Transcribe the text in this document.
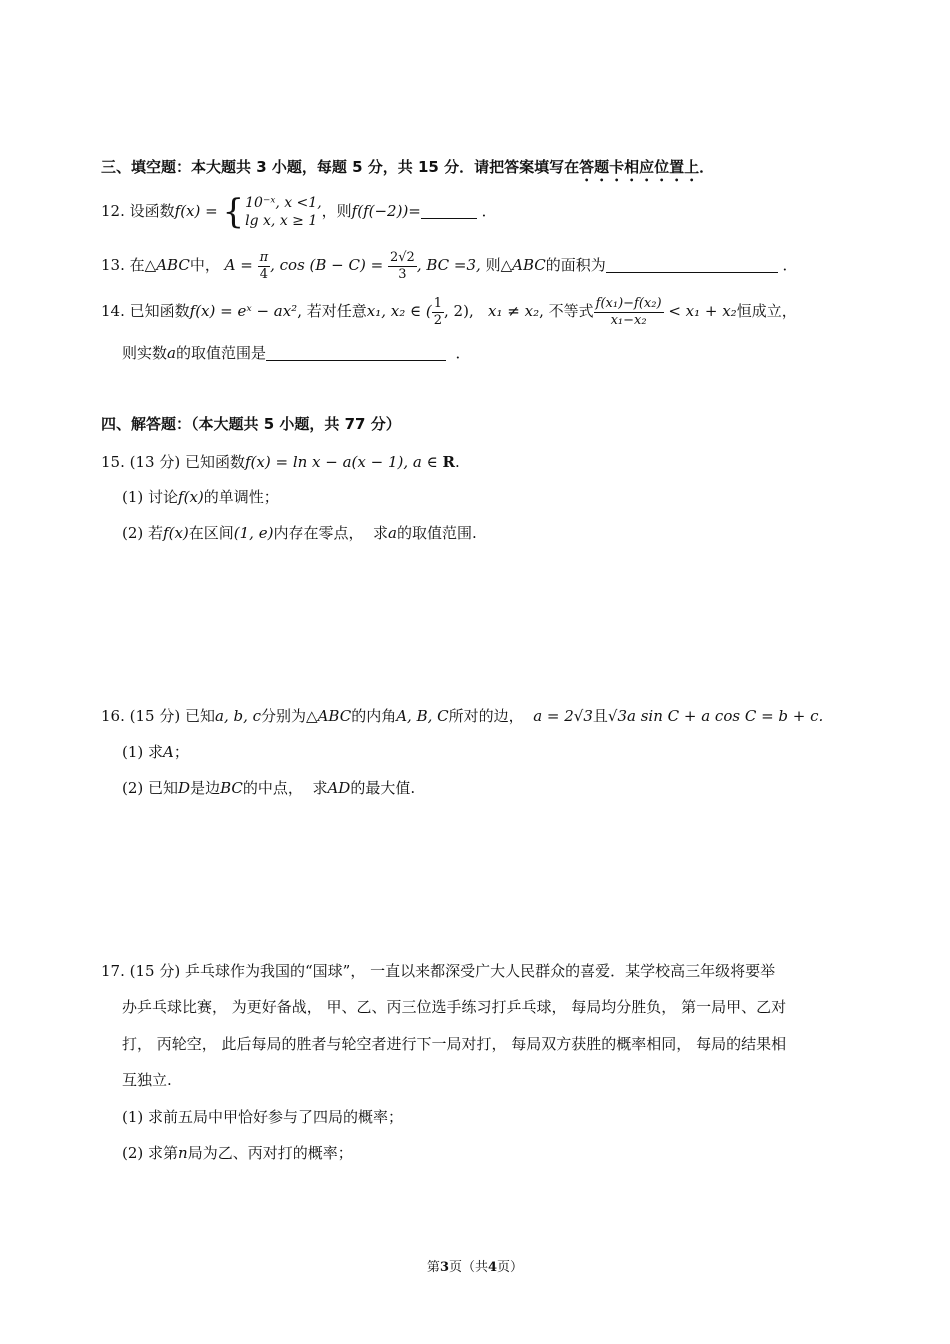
三、填空题：本大题共 3 小题，每题 5 分，共 15 分．请把答案填写在答题卡相应位置上．
12. 设函数f(x) = { 10⁻ˣ, x <1,
lg x, x ≥ 1
，则f(f(−2))=	．
13. 在△ABC中， $A = \frac{\pi}{4}$ , $\cos (B - C) = \frac{2√2}{3}$ , BC =3, 则△ABC的面积为	．
14. 已知函数f(x) = eˣ − ax², 若对任意x₁, x₂ ∈ ( $\frac{1}{2}$ , 2), x₁ ≠ x₂, 不等式 $\frac{\text{f(x₁)−f(x₂)}}{\text{x₁−x₂}} < x_1 + x_2$恒成立，
则实数a的取值范围是	．
四、解答题：（本大题共 5 小题，共 77 分）
15. (13 分) 已知函数f(x) = ln x − a(x − 1), a ∈ R.
(1) 讨论f(x)的单调性；
(2) 若f(x)在区间(1, e)内存在零点， 求a的取值范围.
16. (15 分) 已知a, b, c分别为△ABC的内角A, B, C所对的边， a = 2√3且√3a sin C + a cos C = b + c.
(1) 求A；
(2) 已知D是边BC的中点， 求AD的最大值.
17. (15 分) 乒乓球作为我国的“国球”， 一直以来都深受广大人民群众的喜爱．某学校高三年级将要举
办乒乓球比赛， 为更好备战， 甲、乙、丙三位选手练习打乒乓球， 每局均分胜负， 第一局甲、乙对
打， 丙轮空， 此后每局的胜者与轮空者进行下一局对打， 每局双方获胜的概率相同， 每局的结果相
互独立.
(1) 求前五局中甲恰好参与了四局的概率；
(2) 求第n局为乙、丙对打的概率；
第3页（共4页）
